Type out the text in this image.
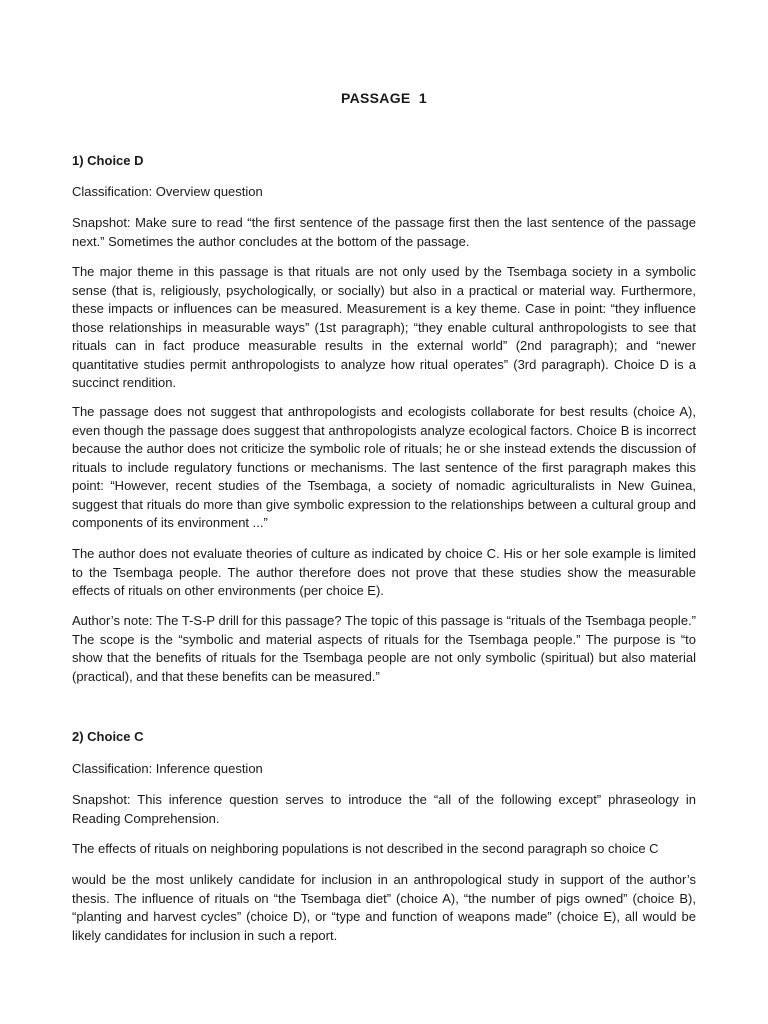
PASSAGE  1

1) Choice D

Classification: Overview question

Snapshot: Make sure to read “the first sentence of the passage first then the last sentence of the passage next.” Sometimes the author concludes at the bottom of the passage.

The major theme in this passage is that rituals are not only used by the Tsembaga society in a symbolic sense (that is, religiously, psychologically, or socially) but also in a practical or material way. Furthermore, these impacts or influences can be measured. Measurement is a key theme. Case in point: “they influence those relationships in measurable ways” (1st paragraph); “they enable cultural anthropologists to see that rituals can in fact produce measurable results in the external world” (2nd paragraph); and “newer quantitative studies permit anthropologists to analyze how ritual operates” (3rd paragraph). Choice D is a succinct rendition.

The passage does not suggest that anthropologists and ecologists collaborate for best results (choice A), even though the passage does suggest that anthropologists analyze ecological factors. Choice B is incorrect because the author does not criticize the symbolic role of rituals; he or she instead extends the discussion of rituals to include regulatory functions or mechanisms. The last sentence of the first paragraph makes this point: “However, recent studies of the Tsembaga, a society of nomadic agriculturalists in New Guinea, suggest that rituals do more than give symbolic expression to the relationships between a cultural group and components of its environment ...”

The author does not evaluate theories of culture as indicated by choice C. His or her sole example is limited to the Tsembaga people. The author therefore does not prove that these studies show the measurable effects of rituals on other environments (per choice E).

Author’s note: The T-S-P drill for this passage? The topic of this passage is “rituals of the Tsembaga people.” The scope is the “symbolic and material aspects of rituals for the Tsembaga people.” The purpose is “to show that the benefits of rituals for the Tsembaga people are not only symbolic (spiritual) but also material (practical), and that these benefits can be measured.”

2) Choice C

Classification: Inference question

Snapshot: This inference question serves to introduce the “all of the following except” phraseology in Reading Comprehension.

The effects of rituals on neighboring populations is not described in the second paragraph so choice C

would be the most unlikely candidate for inclusion in an anthropological study in support of the author’s thesis. The influence of rituals on “the Tsembaga diet” (choice A), “the number of pigs owned” (choice B), “planting and harvest cycles” (choice D), or “type and function of weapons made” (choice E), all would be likely candidates for inclusion in such a report.
